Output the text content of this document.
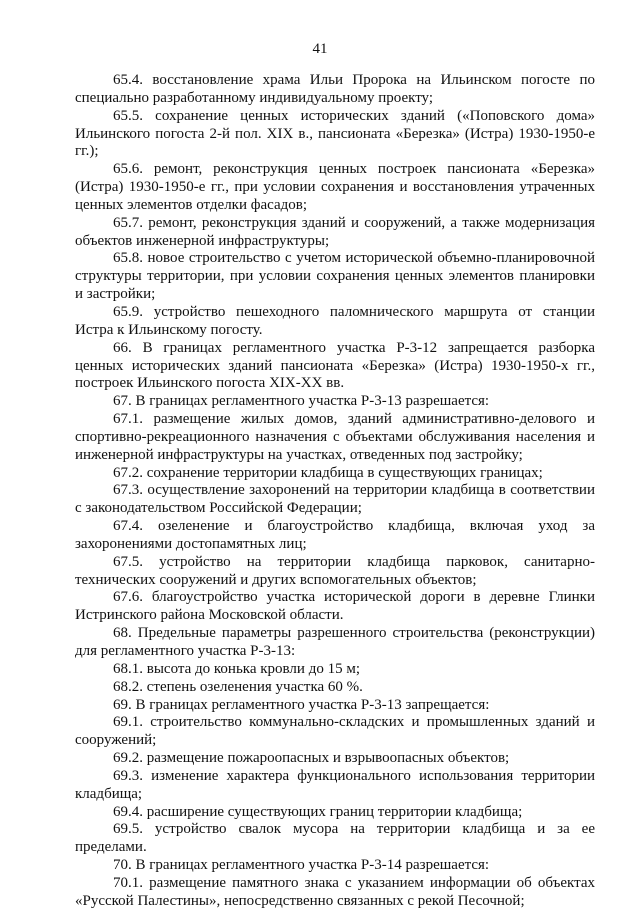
41

65.4. восстановление храма Ильи Пророка на Ильинском погосте по специально разработанному индивидуальному проекту;

65.5. сохранение ценных исторических зданий («Поповского дома» Ильинского погоста 2-й пол. XIX в., пансионата «Березка» (Истра) 1930-1950-е гг.);

65.6. ремонт, реконструкция ценных построек пансионата «Березка» (Истра) 1930-1950-е гг., при условии сохранения и восстановления утраченных ценных элементов отделки фасадов;

65.7. ремонт, реконструкция зданий и сооружений, а также модернизация объектов инженерной инфраструктуры;

65.8. новое строительство с учетом исторической объемно-планировочной структуры территории, при условии сохранения ценных элементов планировки и застройки;

65.9. устройство пешеходного паломнического маршрута от станции Истра к Ильинскому погосту.

66. В границах регламентного участка Р-3-12 запрещается разборка ценных исторических зданий пансионата «Березка» (Истра) 1930-1950-х гг., построек Ильинского погоста XIX-XX вв.

67. В границах регламентного участка Р-3-13 разрешается:

67.1. размещение жилых домов, зданий административно-делового и спортивно-рекреационного назначения с объектами обслуживания населения и инженерной инфраструктуры на участках, отведенных под застройку;

67.2. сохранение территории кладбища в существующих границах;

67.3. осуществление захоронений на территории кладбища в соответствии с законодательством Российской Федерации;

67.4. озеленение и благоустройство кладбища, включая уход за захоронениями достопамятных лиц;

67.5. устройство на территории кладбища парковок, санитарно-технических сооружений и других вспомогательных объектов;

67.6. благоустройство участка исторической дороги в деревне Глинки Истринского района Московской области.

68. Предельные параметры разрешенного строительства (реконструкции) для регламентного участка Р-3-13:

68.1. высота до конька кровли до 15 м;

68.2. степень озеленения участка 60 %.

69. В границах регламентного участка Р-3-13 запрещается:

69.1. строительство коммунально-складских и промышленных зданий и сооружений;

69.2. размещение пожароопасных и взрывоопасных объектов;

69.3. изменение характера функционального использования территории кладбища;

69.4. расширение существующих границ территории кладбища;

69.5. устройство свалок мусора на территории кладбища и за ее пределами.

70. В границах регламентного участка Р-3-14 разрешается:

70.1. размещение памятного знака с указанием информации об объектах «Русской Палестины», непосредственно связанных с рекой Песочной;
